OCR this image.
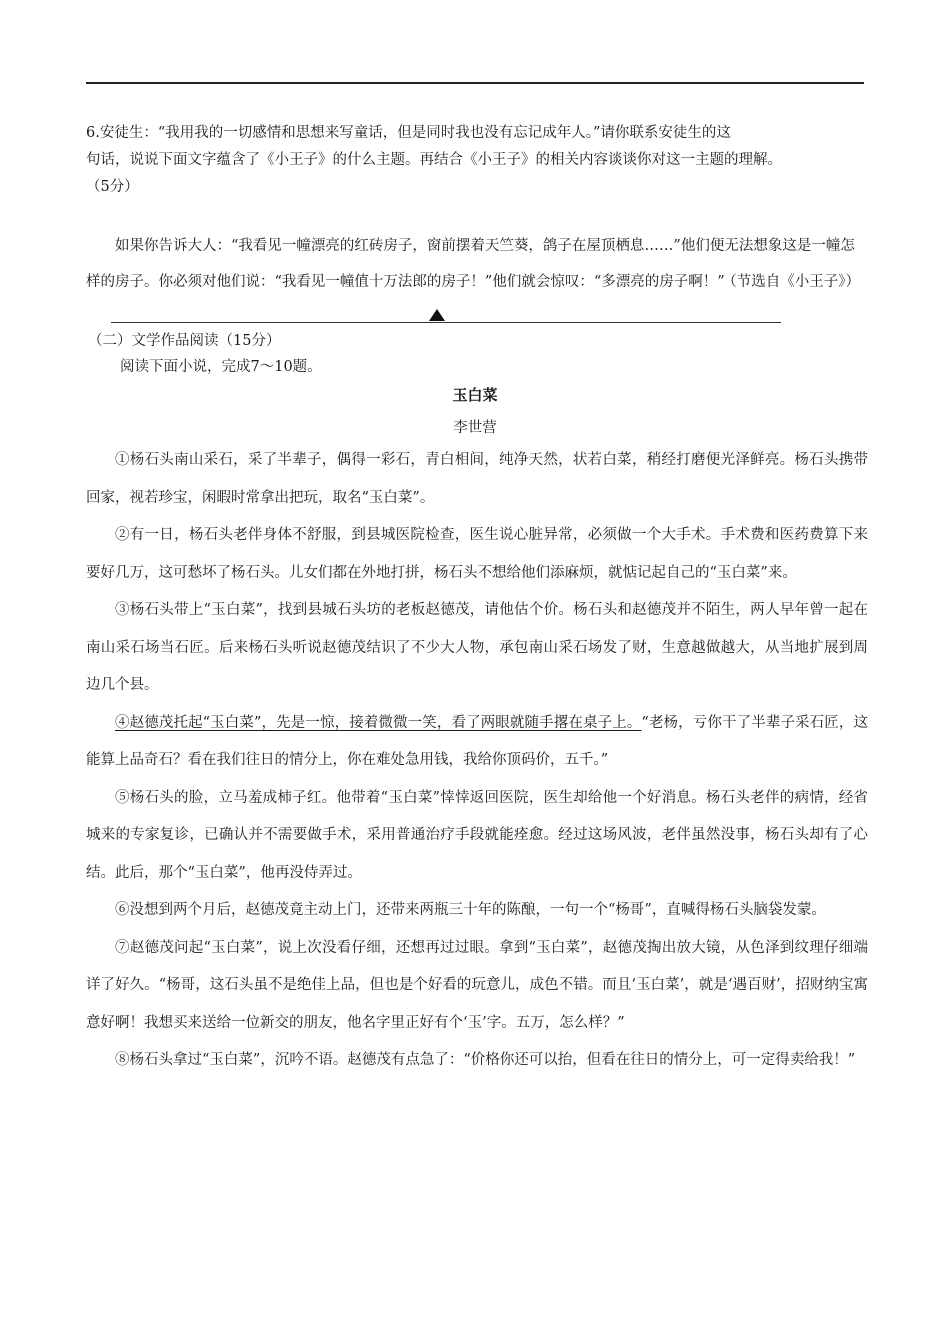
6.安徒生：“我用我的一切感情和思想来写童话，但是同时我也没有忘记成年人。”请你联系安徒生的这

句话，说说下面文字蕴含了《小王子》的什么主题。再结合《小王子》的相关内容谈谈你对这一主题的理解。

（5分）

如果你告诉大人：“我看见一幢漂亮的红砖房子，窗前摆着天竺葵，鸽子在屋顶栖息……”他们便无法想象这是一幢怎样的房子。你必须对他们说：“我看见一幢值十万法郎的房子！”他们就会惊叹：“多漂亮的房子啊！”

（节选自《小王子》）
（二）文学作品阅读（15分）
阅读下面小说，完成7～10题。
玉白菜
李世营

①杨石头南山采石，采了半辈子，偶得一彩石，青白相间，纯净天然，状若白菜，稍经打磨便光泽鲜亮。杨石头携带回家，视若珍宝，闲暇时常拿出把玩，取名“玉白菜”。

②有一日，杨石头老伴身体不舒服，到县城医院检查，医生说心脏异常，必须做一个大手术。手术费和医药费算下来要好几万，这可愁坏了杨石头。儿女们都在外地打拼，杨石头不想给他们添麻烦，就惦记起自己的“玉白菜”来。

③杨石头带上“玉白菜”，找到县城石头坊的老板赵德茂，请他估个价。杨石头和赵德茂并不陌生，两人早年曾一起在南山采石场当石匠。后来杨石头听说赵德茂结识了不少大人物，承包南山采石场发了财，生意越做越大，从当地扩展到周边几个县。

④赵德茂托起“玉白菜”，先是一惊，接着微微一笑，看了两眼就随手撂在桌子上。“老杨，亏你干了半辈子采石匠，这能算上品奇石？看在我们往日的情分上，你在难处急用钱，我给你顶码价，五千。”

⑤杨石头的脸，立马羞成柿子红。他带着“玉白菜”悻悻返回医院，医生却给他一个好消息。杨石头老伴的病情，经省城来的专家复诊，已确认并不需要做手术，采用普通治疗手段就能痊愈。经过这场风波，老伴虽然没事，杨石头却有了心结。此后，那个“玉白菜”，他再没侍弄过。

⑥没想到两个月后，赵德茂竟主动上门，还带来两瓶三十年的陈酿，一句一个“杨哥”，直喊得杨石头脑袋发蒙。

⑦赵德茂问起“玉白菜”，说上次没看仔细，还想再过过眼。拿到“玉白菜”，赵德茂掏出放大镜，从色泽到纹理仔细端详了好久。“杨哥，这石头虽不是绝佳上品，但也是个好看的玩意儿，成色不错。而且‘玉白菜’，就是‘遇百财’，招财纳宝寓意好啊！我想买来送给一位新交的朋友，他名字里正好有个‘玉’字。五万，怎么样？”

⑧杨石头拿过“玉白菜”，沉吟不语。赵德茂有点急了：“价格你还可以抬，但看在往日的情分上，可一定得卖给我！”
